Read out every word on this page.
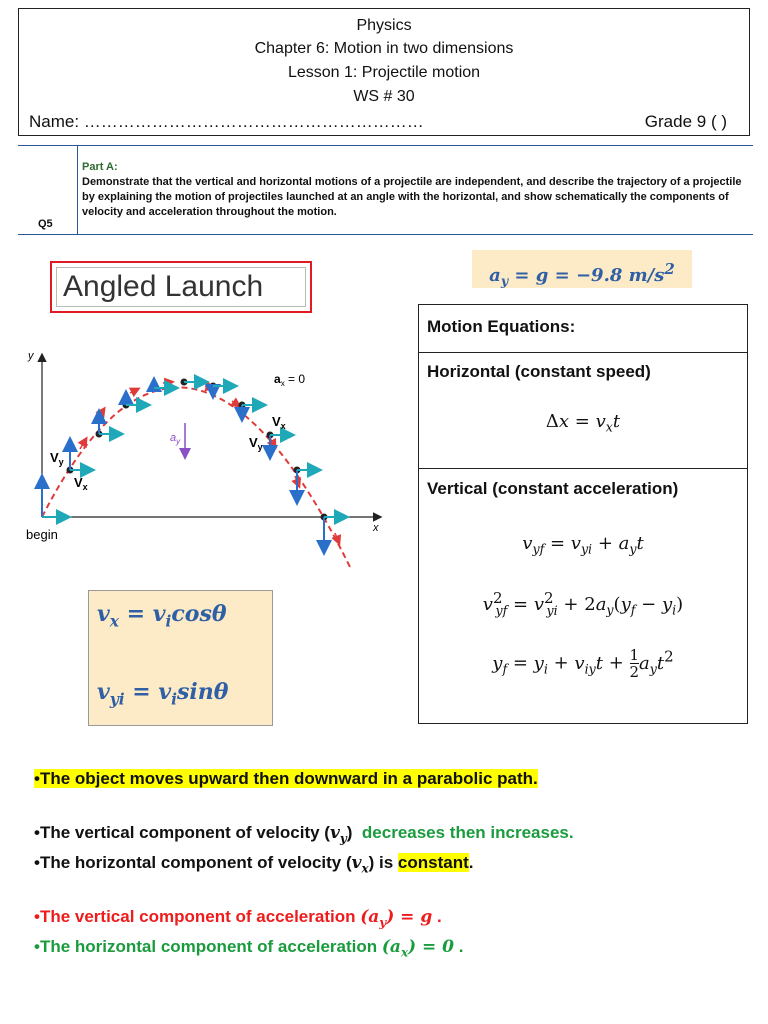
Physics
Chapter 6: Motion in two dimensions
Lesson 1: Projectile motion
WS # 30
Name: ……………………………………………………	Grade 9 ( )
Q5
Part A:
Demonstrate that the vertical and horizontal motions of a projectile are independent, and describe the trajectory of a projectile by explaining the motion of projectiles launched at an angle with the horizontal, and show schematically the components of velocity and acceleration throughout the motion.
Angled Launch	$a_y = g = -9.8$ $m/s^2$
y
x
begin
$a_y$
$a_x = 0$
$V_y$
$V_x$
$V_x$
$V_y$
Motion Equations:
Horizontal (constant speed)
$\Delta x = v_xt$
Vertical (constant acceleration)
$v_{yf} = v_{yi} + a_yt$
$v^2_{yf} = v^2_{yi} + 2a_y(y_f - y_i)$
$y_f = y_i + v_{iy}t + \frac{1}{2} a_yt^2$
$v_x = v_i\cos\theta$
$v_{yi} = v_i\sin\theta$
•The object moves upward then downward in a parabolic path.
•The vertical component of velocity $(v_y)$ decreases then increases.
•The horizontal component of velocity $(v_x)$ is constant.
•The vertical component of acceleration $(a_y) = g$ .
•The horizontal component of acceleration $(a_x) = 0$ .
